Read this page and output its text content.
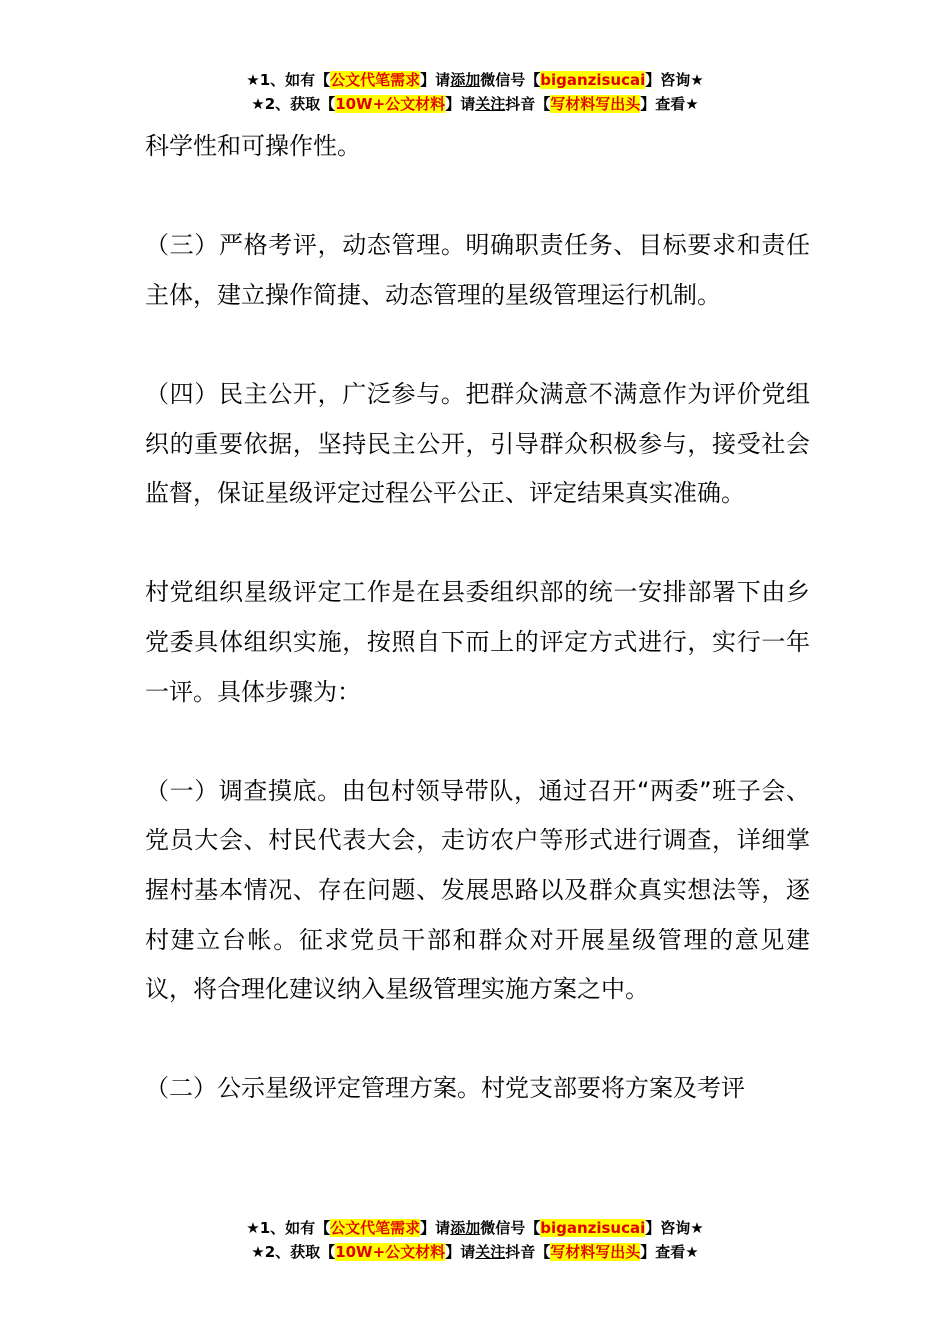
★1、如有【公文代笔需求】请添加微信号【biganzisucai】咨询★
★2、获取【10W+公文材料】请关注抖音【写材料写出头】查看★

科学性和可操作性。

（三）严格考评，动态管理。明确职责任务、目标要求和责任主体，建立操作简捷、动态管理的星级管理运行机制。

（四）民主公开，广泛参与。把群众满意不满意作为评价党组织的重要依据，坚持民主公开，引导群众积极参与，接受社会监督，保证星级评定过程公平公正、评定结果真实准确。

村党组织星级评定工作是在县委组织部的统一安排部署下由乡党委具体组织实施，按照自下而上的评定方式进行，实行一年一评。具体步骤为：

（一）调查摸底。由包村领导带队，通过召开“两委”班子会、党员大会、村民代表大会，走访农户等形式进行调查，详细掌握村基本情况、存在问题、发展思路以及群众真实想法等，逐村建立台帐。征求党员干部和群众对开展星级管理的意见建议，将合理化建议纳入星级管理实施方案之中。

（二）公示星级评定管理方案。村党支部要将方案及考评

★1、如有【公文代笔需求】请添加微信号【biganzisucai】咨询★
★2、获取【10W+公文材料】请关注抖音【写材料写出头】查看★
